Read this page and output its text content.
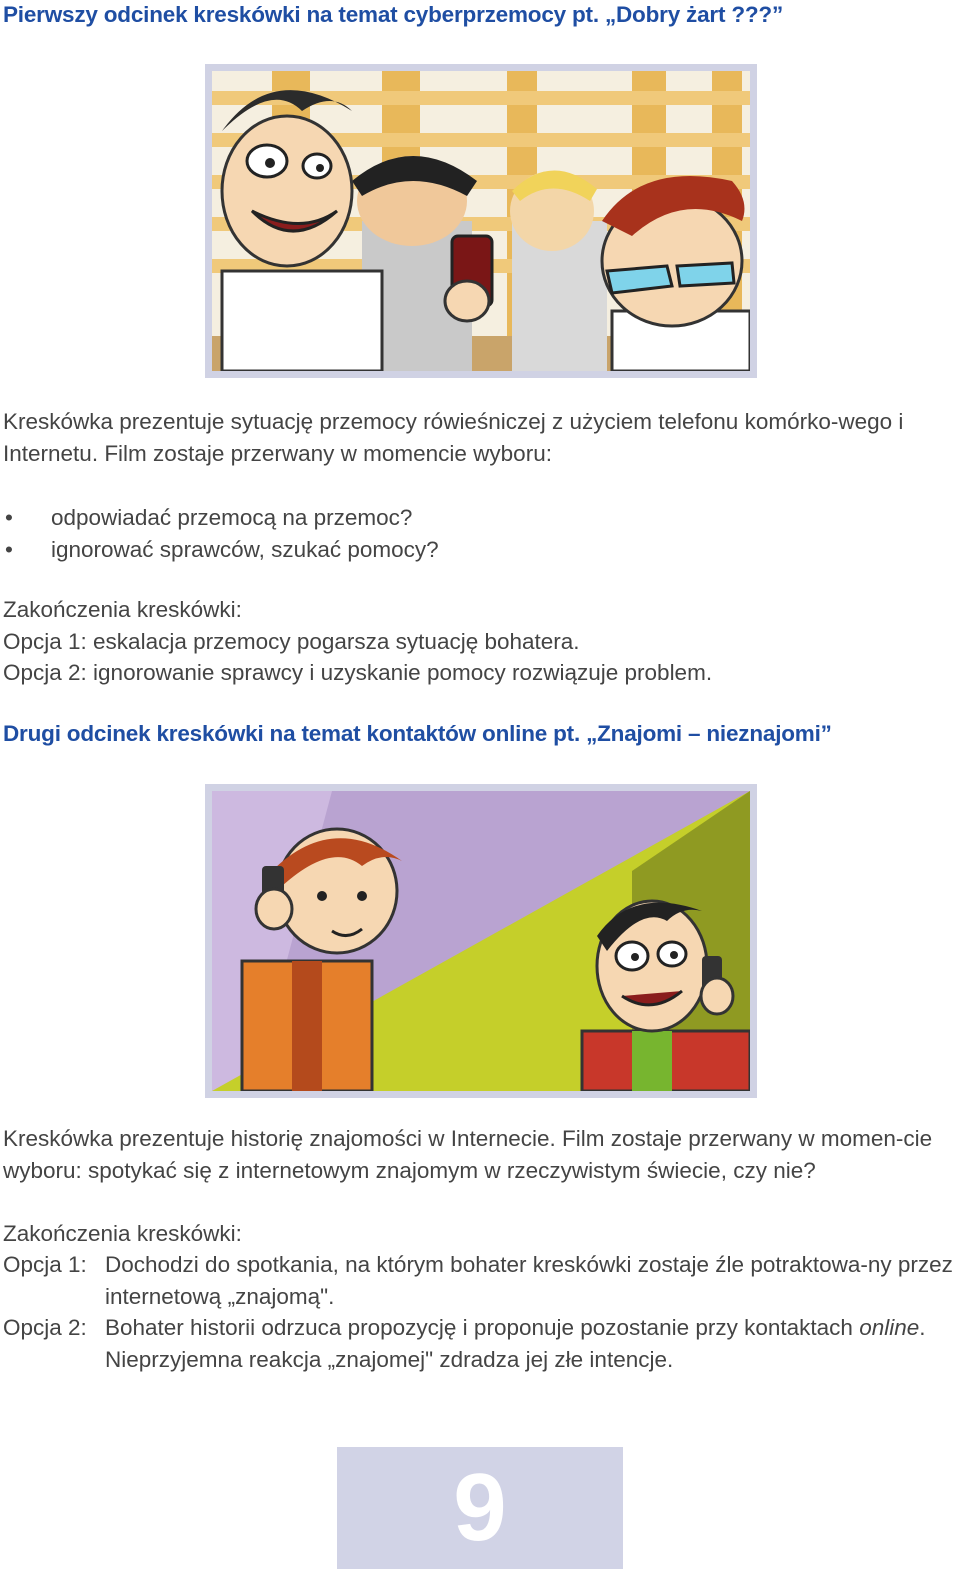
Pierwszy odcinek kreskówki na temat cyberprzemocy pt. „Dobry żart ???”

Kreskówka prezentuje sytuację przemocy rówieśniczej z użyciem telefonu komórko-wego i Internetu. Film zostaje przerwany w momencie wyboru:

• odpowiadać przemocą na przemoc?
• ignorować sprawców, szukać pomocy?

Zakończenia kreskówki:

Opcja 1: eskalacja przemocy pogarsza sytuację bohatera.

Opcja 2: ignorowanie sprawcy i uzyskanie pomocy rozwiązuje problem.

Drugi odcinek kreskówki na temat kontaktów online pt. „Znajomi – nieznajomi”

Kreskówka prezentuje historię znajomości w Internecie. Film zostaje przerwany w momen-cie wyboru: spotykać się z internetowym znajomym w rzeczywistym świecie, czy nie?

Zakończenia kreskówki:

Opcja 1: Dochodzi do spotkania, na którym bohater kreskówki zostaje źle potraktowa-ny przez internetową „znajomą".
Opcja 2: Bohater historii odrzuca propozycję i proponuje pozostanie przy kontaktach online. Nieprzyjemna reakcja „znajomej" zdradza jej złe intencje.
9
